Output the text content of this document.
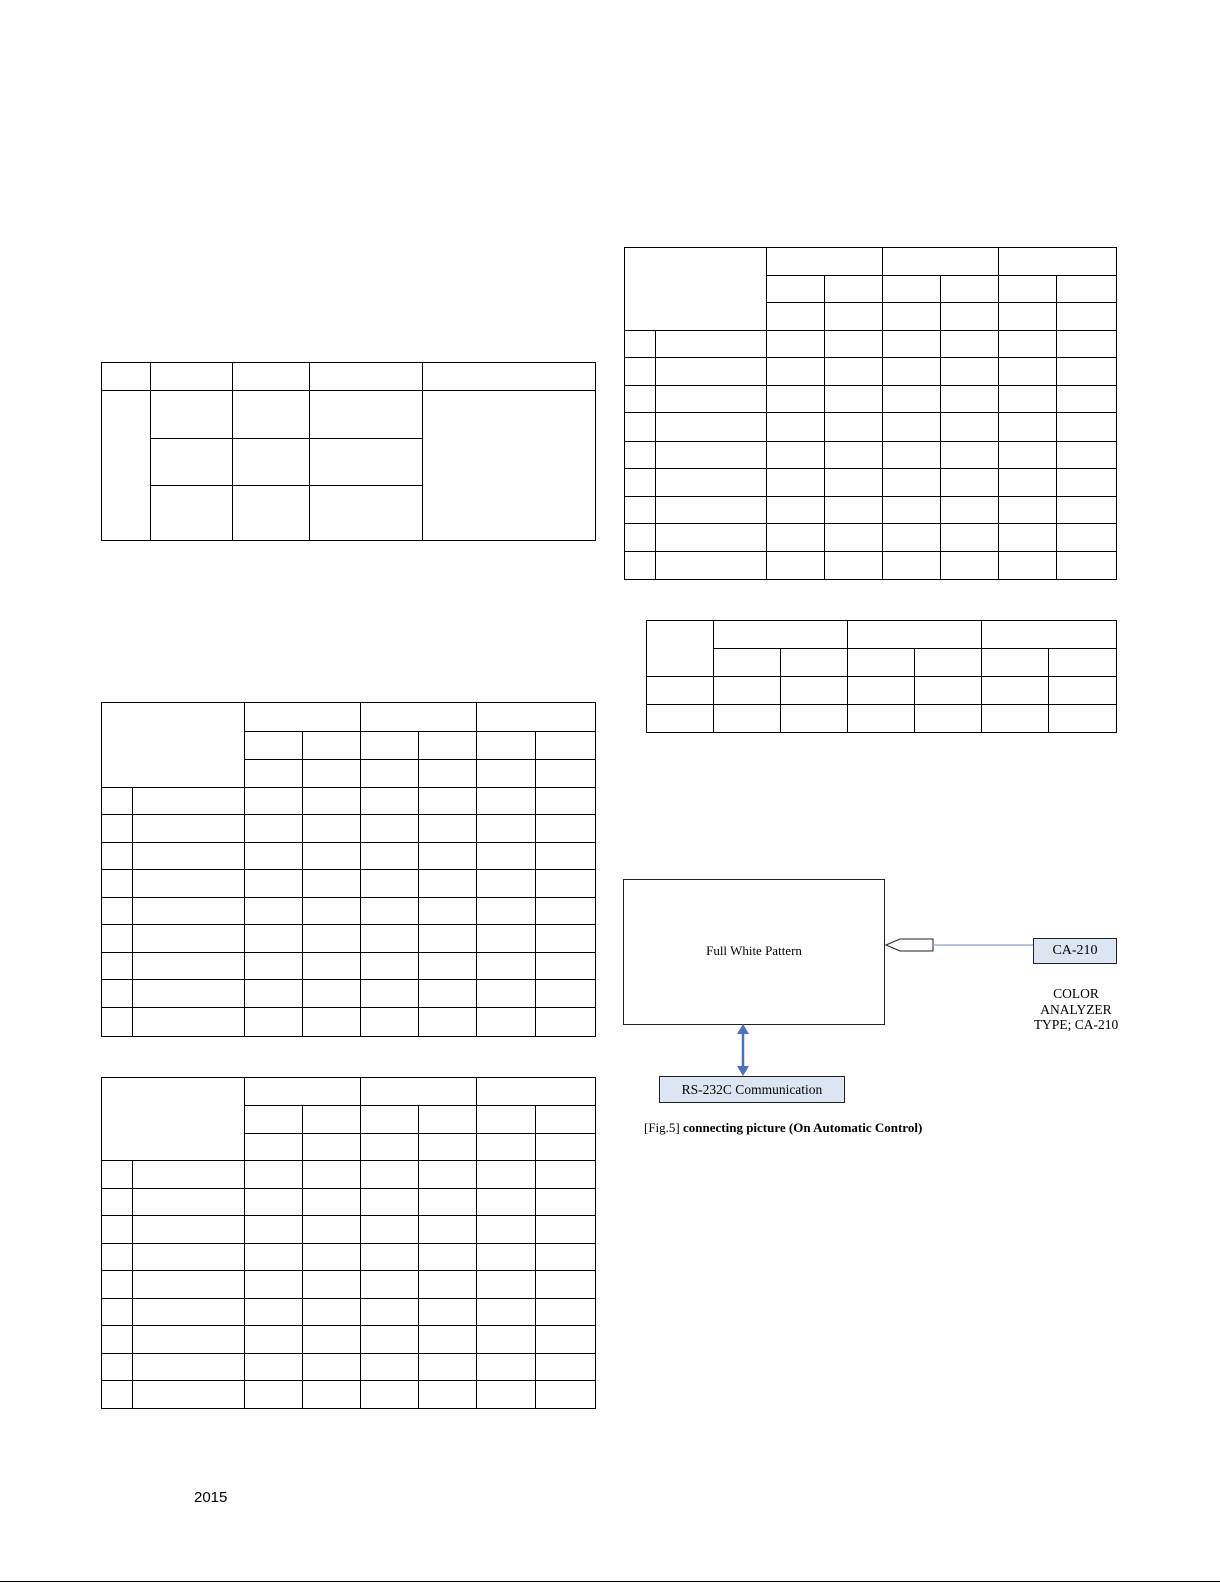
Full White Pattern	CA-210
COLOR
ANALYZER
TYPE; CA-210
RS-232C Communication
[Fig.5] connecting picture (On Automatic Control)
2015
